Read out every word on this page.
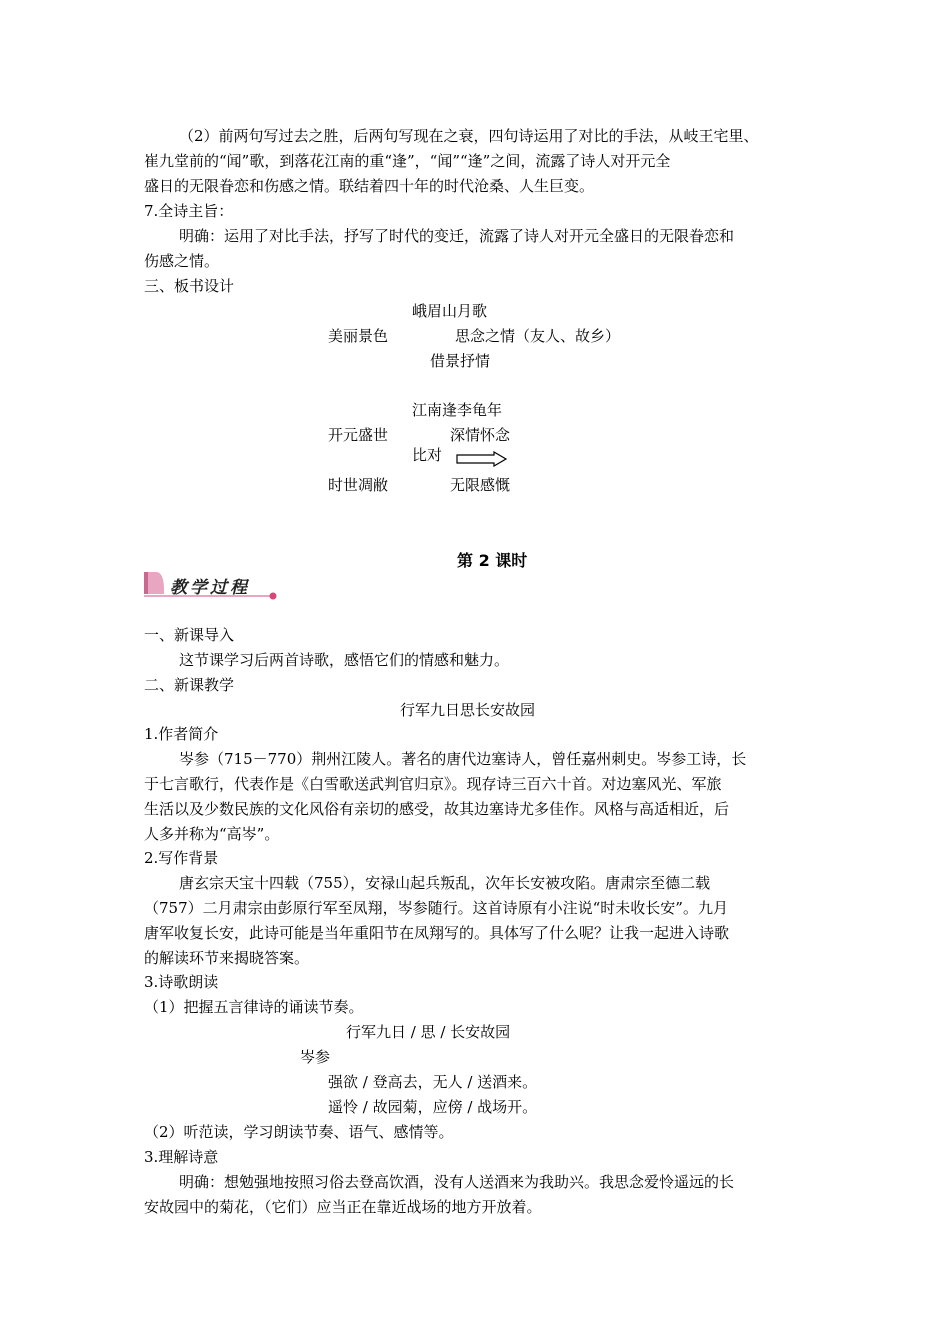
（2）前两句写过去之胜，后两句写现在之衰，四句诗运用了对比的手法，从岐王宅里、
崔九堂前的“闻”歌，到落花江南的重“逢”，“闻”“逢”之间，流露了诗人对开元全
盛日的无限眷恋和伤感之情。联结着四十年的时代沧桑、人生巨变。
7.全诗主旨：
明确：运用了对比手法，抒写了时代的变迁，流露了诗人对开元全盛日的无限眷恋和
伤感之情。
三、板书设计
峨眉山月歌
美丽景色	思念之情（友人、故乡）
借景抒情
江南逢李龟年
开元盛世	深情怀念
比对
时世凋敝	无限感慨
第 2 课时
教学过程
一、新课导入
这节课学习后两首诗歌，感悟它们的情感和魅力。
二、新课教学
行军九日思长安故园
1.作者简介
岑参（715－770）荆州江陵人。著名的唐代边塞诗人，曾任嘉州刺史。岑参工诗，长
于七言歌行，代表作是《白雪歌送武判官归京》。现存诗三百六十首。对边塞风光、军旅
生活以及少数民族的文化风俗有亲切的感受，故其边塞诗尤多佳作。风格与高适相近，后
人多并称为“高岑”。
2.写作背景
唐玄宗天宝十四载（755），安禄山起兵叛乱，次年长安被攻陷。唐肃宗至德二载
（757）二月肃宗由彭原行军至凤翔，岑参随行。这首诗原有小注说“时未收长安”。九月
唐军收复长安，此诗可能是当年重阳节在凤翔写的。具体写了什么呢？让我一起进入诗歌
的解读环节来揭晓答案。
3.诗歌朗读
（1）把握五言律诗的诵读节奏。
行军九日 / 思 / 长安故园
岑参
强欲 / 登高去，无人 / 送酒来。
遥怜 / 故园菊，应傍 / 战场开。
（2）听范读，学习朗读节奏、语气、感情等。
3.理解诗意
明确：想勉强地按照习俗去登高饮酒，没有人送酒来为我助兴。我思念爱怜遥远的长
安故园中的菊花，（它们）应当正在靠近战场的地方开放着。
